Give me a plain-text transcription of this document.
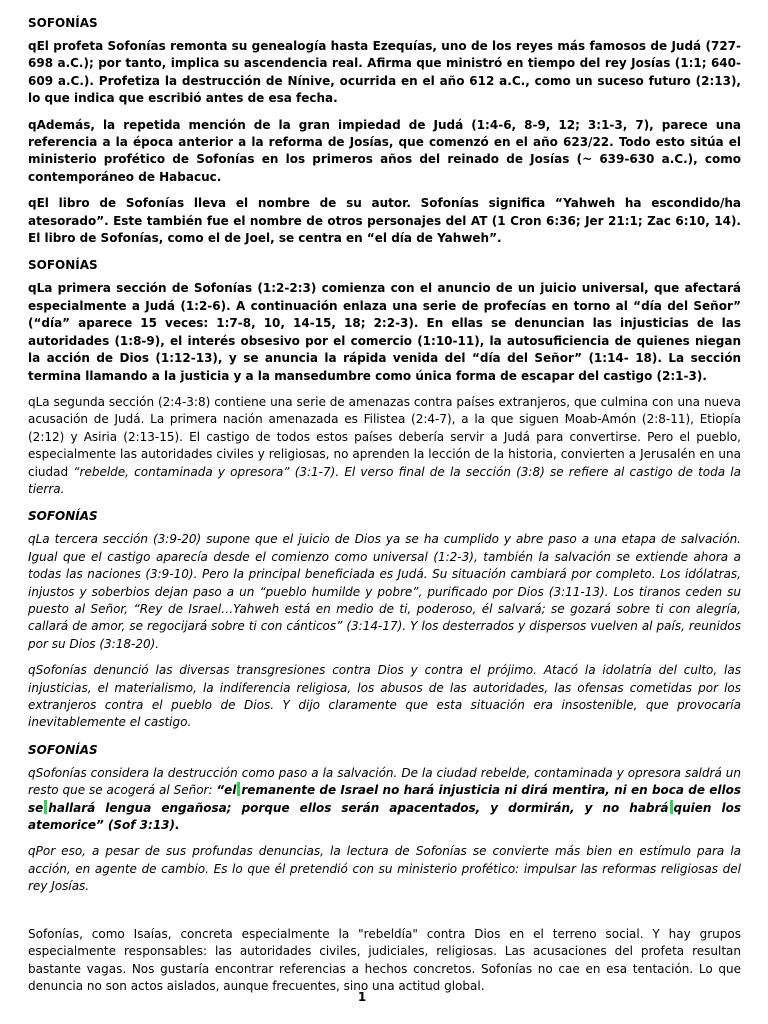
SOFONÍAS

qEl profeta Sofonías remonta su genealogía hasta Ezequías, uno de los reyes más famosos de Judá (727-698 a.C.); por tanto, implica su ascendencia real. Afirma que ministró en tiempo del rey Josías (1:1; 640-609 a.C.). Profetiza la destrucción de Nínive, ocurrida en el año 612 a.C., como un suceso futuro (2:13), lo que indica que escribió antes de esa fecha.

qAdemás, la repetida mención de la gran impiedad de Judá (1:4-6, 8-9, 12; 3:1-3, 7), parece una referencia a la época anterior a la reforma de Josías, que comenzó en el año 623/22. Todo esto sitúa el ministerio profético de Sofonías en los primeros años del reinado de Josías (~ 639-630 a.C.), como contemporáneo de Habacuc.

qEl libro de Sofonías lleva el nombre de su autor. Sofonías significa “Yahweh ha escondido/ha atesorado”. Este también fue el nombre de otros personajes del AT (1 Cron 6:36; Jer 21:1; Zac 6:10, 14). El libro de Sofonías, como el de Joel, se centra en “el día de Yahweh”.

SOFONÍAS

qLa primera sección de Sofonías (1:2-2:3) comienza con el anuncio de un juicio universal, que afectará especialmente a Judá (1:2-6). A continuación enlaza una serie de profecías en torno al “día del Señor” (“día” aparece 15 veces: 1:7-8, 10, 14-15, 18; 2:2-3). En ellas se denuncian las injusticias de las autoridades (1:8-9), el interés obsesivo por el comercio (1:10-11), la autosuficiencia de quienes niegan la acción de Dios (1:12-13), y se anuncia la rápida venida del “día del Señor” (1:14- 18). La sección termina llamando a la justicia y a la mansedumbre como única forma de escapar del castigo (2:1-3).

qLa segunda sección (2:4-3:8) contiene una serie de amenazas contra países extranjeros, que culmina con una nueva acusación de Judá. La primera nación amenazada es Filistea (2:4-7), a la que siguen Moab-Amón (2:8-11), Etiopía (2:12) y Asiria (2:13-15). El castigo de todos estos países debería servir a Judá para convertirse. Pero el pueblo, especialmente las autoridades civiles y religiosas, no aprenden la lección de la historia, convierten a Jerusalén en una ciudad “rebelde, contaminada y opresora” (3:1-7). El verso final de la sección (3:8) se refiere al castigo de toda la tierra.

SOFONÍAS

qLa tercera sección (3:9-20) supone que el juicio de Dios ya se ha cumplido y abre paso a una etapa de salvación. Igual que el castigo aparecía desde el comienzo como universal (1:2-3), también la salvación se extiende ahora a todas las naciones (3:9-10). Pero la principal beneficiada es Judá. Su situación cambiará por completo. Los idólatras, injustos y soberbios dejan paso a un “pueblo humilde y pobre”, purificado por Dios (3:11-13). Los tiranos ceden su puesto al Señor, “Rey de Israel…Yahweh está en medio de ti, poderoso, él salvará; se gozará sobre ti con alegría, callará de amor, se regocijará sobre ti con cánticos” (3:14-17). Y los desterrados y dispersos vuelven al país, reunidos por su Dios (3:18-20).

qSofonías denunció las diversas transgresiones contra Dios y contra el prójimo. Atacó la idolatría del culto, las injusticias, el materialismo, la indiferencia religiosa, los abusos de las autoridades, las ofensas cometidas por los extranjeros contra el pueblo de Dios. Y dijo claramente que esta situación era insostenible, que provocaría inevitablemente el castigo.

SOFONÍAS

qSofonías considera la destrucción como paso a la salvación. De la ciudad rebelde, contaminada y opresora saldrá un resto que se acogerá al Señor: “el remanente de Israel no hará injusticia ni dirá mentira, ni en boca de ellos se hallará lengua engañosa; porque ellos serán apacentados, y dormirán, y no habrá quien los atemorice” (Sof 3:13).

qPor eso, a pesar de sus profundas denuncias, la lectura de Sofonías se convierte más bien en estímulo para la acción, en agente de cambio. Es lo que él pretendió con su ministerio profético: impulsar las reformas religiosas del rey Josías.

Sofonías, como Isaías, concreta especialmente la "rebeldía" contra Dios en el terreno social. Y hay grupos especialmente responsables: las autoridades civiles, judiciales, religiosas. Las acusaciones del profeta resultan bastante vagas. Nos gustaría encontrar referencias a hechos concretos. Sofonías no cae en esa tentación. Lo que denuncia no son actos aislados, aunque frecuentes, sino una actitud global.

1
